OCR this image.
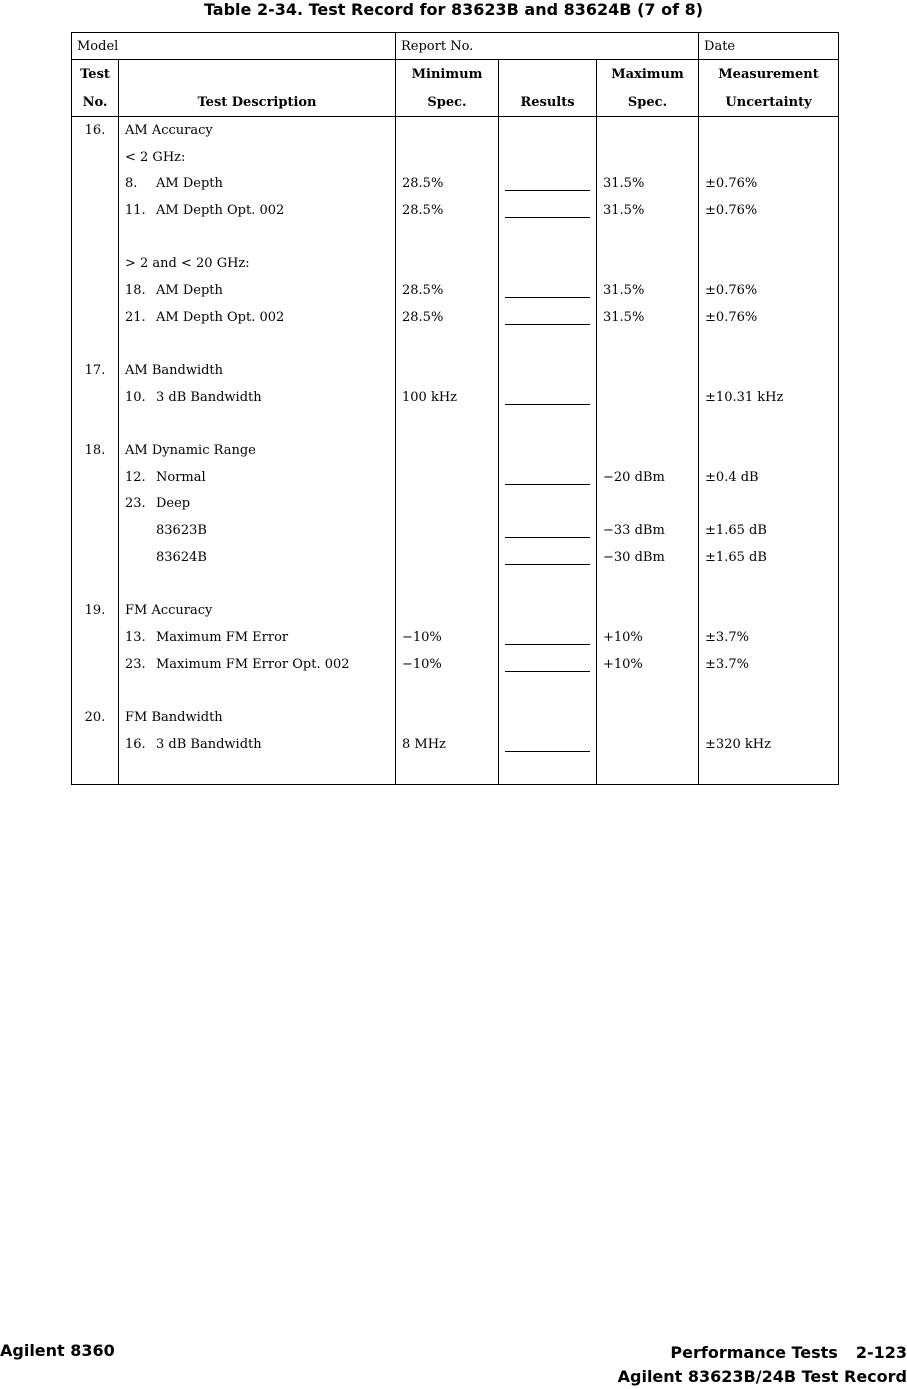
Table 2-34. Test Record for 83623B and 83624B (7 of 8)
Model		Report No.			Date
Test		Minimum		Maximum	Measurement
No.	Test Description	Spec.	Results	Spec.	Uncertainty
16.	AM Accuracy				
	< 2 GHz:				
	8. AM Depth	28.5%		31.5%	±0.76%
	11. AM Depth Opt. 002	28.5%		31.5%	±0.76%

	> 2 and < 20 GHz:				
	18. AM Depth	28.5%		31.5%	±0.76%
	21. AM Depth Opt. 002	28.5%		31.5%	±0.76%

17.	AM Bandwidth				
	10. 3 dB Bandwidth	100 kHz			±10.31 kHz

18.	AM Dynamic Range				
	12. Normal			−20 dBm	±0.4 dB
	23. Deep				
	83623B			−33 dBm	±1.65 dB
	83624B			−30 dBm	±1.65 dB

19.	FM Accuracy				
	13. Maximum FM Error	−10%		+10%	±3.7%
	23. Maximum FM Error Opt. 002	−10%		+10%	±3.7%

20.	FM Bandwidth				
	16. 3 dB Bandwidth	8 MHz			±320 kHz

Agilent 8360	Performance Tests 2-123
Agilent 83623B/24B Test Record
